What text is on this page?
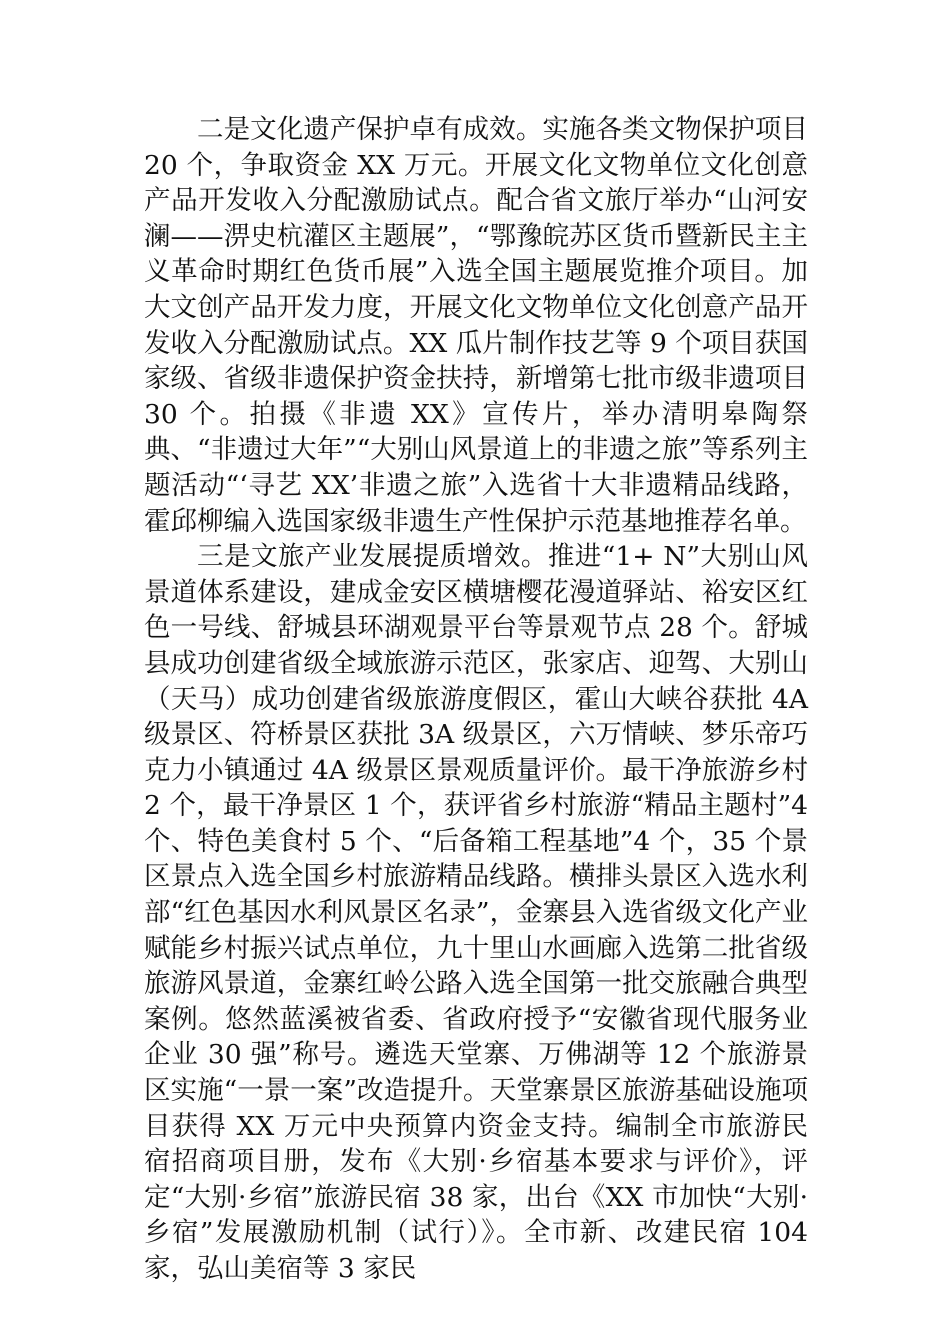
二是文化遗产保护卓有成效。实施各类文物保护项目 20 个，争取资金 XX 万元。开展文化文物单位文化创意产品开发收入分配激励试点。配合省文旅厅举办“山河安澜——淠史杭灌区主题展”，“鄂豫皖苏区货币暨新民主主义革命时期红色货币展”入选全国主题展览推介项目。加大文创产品开发力度，开展文化文物单位文化创意产品开发收入分配激励试点。XX 瓜片制作技艺等 9 个项目获国家级、省级非遗保护资金扶持，新增第七批市级非遗项目 30 个。拍摄《非遗 XX》宣传片，举办清明皋陶祭典、“非遗过大年”“大别山风景道上的非遗之旅”等系列主题活动“‘寻艺 XX’非遗之旅”入选省十大非遗精品线路，霍邱柳编入选国家级非遗生产性保护示范基地推荐名单。

三是文旅产业发展提质增效。推进“1+ N”大别山风景道体系建设，建成金安区横塘樱花漫道驿站、裕安区红色一号线、舒城县环湖观景平台等景观节点 28 个。舒城县成功创建省级全域旅游示范区，张家店、迎驾、大别山（天马）成功创建省级旅游度假区，霍山大峡谷获批 4A 级景区、符桥景区获批 3A 级景区，六万情峡、梦乐帝巧克力小镇通过 4A 级景区景观质量评价。最干净旅游乡村 2 个，最干净景区 1 个，获评省乡村旅游“精品主题村”4 个、特色美食村 5 个、“后备箱工程基地”4 个，35 个景区景点入选全国乡村旅游精品线路。横排头景区入选水利部“红色基因水利风景区名录”，金寨县入选省级文化产业赋能乡村振兴试点单位，九十里山水画廊入选第二批省级旅游风景道，金寨红岭公路入选全国第一批交旅融合典型案例。悠然蓝溪被省委、省政府授予“安徽省现代服务业企业 30 强”称号。遴选天堂寨、万佛湖等 12 个旅游景区实施“一景一案”改造提升。天堂寨景区旅游基础设施项目获得 XX 万元中央预算内资金支持。编制全市旅游民宿招商项目册，发布《大别·乡宿基本要求与评价》，评定“大别·乡宿”旅游民宿 38 家，出台《XX 市加快“大别·乡宿”发展激励机制（试行）》。全市新、改建民宿 104 家，弘山美宿等 3 家民
